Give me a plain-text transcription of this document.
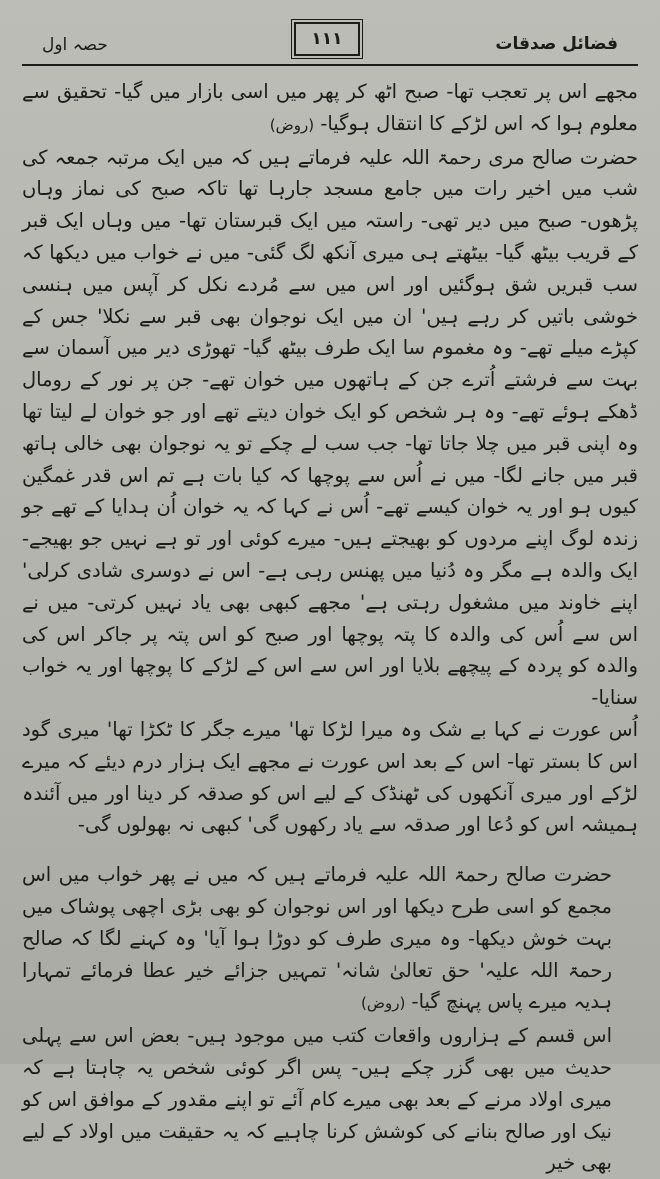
فضائل صدقات
۱۱۱
حصہ اول

مجھے اس پر تعجب تھا- صبح اٹھ کر پھر میں اسی بازار میں گیا- تحقیق سے معلوم ہوا کہ اس لڑکے کا انتقال ہوگیا- (روض)

حضرت صالح مری رحمۃ اللہ علیہ فرماتے ہیں کہ میں ایک مرتبہ جمعہ کی شب میں اخیر رات میں جامع مسجد جارہا تھا تاکہ صبح کی نماز وہاں پڑھوں- صبح میں دیر تھی- راستہ میں ایک قبرستان تھا- میں وہاں ایک قبر کے قریب بیٹھ گیا- بیٹھتے ہی میری آنکھ لگ گئی- میں نے خواب میں دیکھا کہ سب قبریں شق ہوگئیں اور اس میں سے مُردے نکل کر آپس میں ہنسی خوشی باتیں کر رہے ہیں' ان میں ایک نوجوان بھی قبر سے نکلا' جس کے کپڑے میلے تھے- وہ مغموم سا ایک طرف بیٹھ گیا- تھوڑی دیر میں آسمان سے بہت سے فرشتے اُترے جن کے ہاتھوں میں خوان تھے- جن پر نور کے رومال ڈھکے ہوئے تھے- وہ ہر شخص کو ایک خوان دیتے تھے اور جو خوان لے لیتا تھا وہ اپنی قبر میں چلا جاتا تھا- جب سب لے چکے تو یہ نوجوان بھی خالی ہاتھ قبر میں جانے لگا- میں نے اُس سے پوچھا کہ کیا بات ہے تم اس قدر غمگین کیوں ہو اور یہ خوان کیسے تھے- اُس نے کہا کہ یہ خوان اُن ہدایا کے تھے جو زندہ لوگ اپنے مردوں کو بھیجتے ہیں- میرے کوئی اور تو ہے نہیں جو بھیجے- ایک والدہ ہے مگر وہ دُنیا میں پھنس رہی ہے- اس نے دوسری شادی کرلی' اپنے خاوند میں مشغول رہتی ہے' مجھے کبھی بھی یاد نہیں کرتی- میں نے اس سے اُس کی والدہ کا پتہ پوچھا اور صبح کو اس پتہ پر جاکر اس کی والدہ کو پردہ کے پیچھے بلایا اور اس سے اس کے لڑکے کا پوچھا اور یہ خواب سنایا-

اُس عورت نے کہا بے شک وہ میرا لڑکا تھا' میرے جگر کا ٹکڑا تھا' میری گود اس کا بستر تھا- اس کے بعد اس عورت نے مجھے ایک ہزار درم دیئے کہ میرے لڑکے اور میری آنکھوں کی ٹھنڈک کے لیے اس کو صدقہ کر دینا اور میں آئندہ ہمیشہ اس کو دُعا اور صدقہ سے یاد رکھوں گی' کبھی نہ بھولوں گی-

حضرت صالح رحمۃ اللہ علیہ فرماتے ہیں کہ میں نے پھر خواب میں اس مجمع کو اسی طرح دیکھا اور اس نوجوان کو بھی بڑی اچھی پوشاک میں بہت خوش دیکھا- وہ میری طرف کو دوڑا ہوا آیا' وہ کہنے لگا کہ صالح رحمۃ اللہ علیہ' حق تعالیٰ شانہ' تمہیں جزائے خیر عطا فرمائے تمہارا ہدیہ میرے پاس پہنچ گیا- (روض)

اس قسم کے ہزاروں واقعات کتب میں موجود ہیں- بعض اس سے پہلی حدیث میں بھی گزر چکے ہیں- پس اگر کوئی شخص یہ چاہتا ہے کہ میری اولاد مرنے کے بعد بھی میرے کام آئے تو اپنے مقدور کے موافق اس کو نیک اور صالح بنانے کی کوشش کرنا چاہیے کہ یہ حقیقت میں اولاد کے لیے بھی خیر
